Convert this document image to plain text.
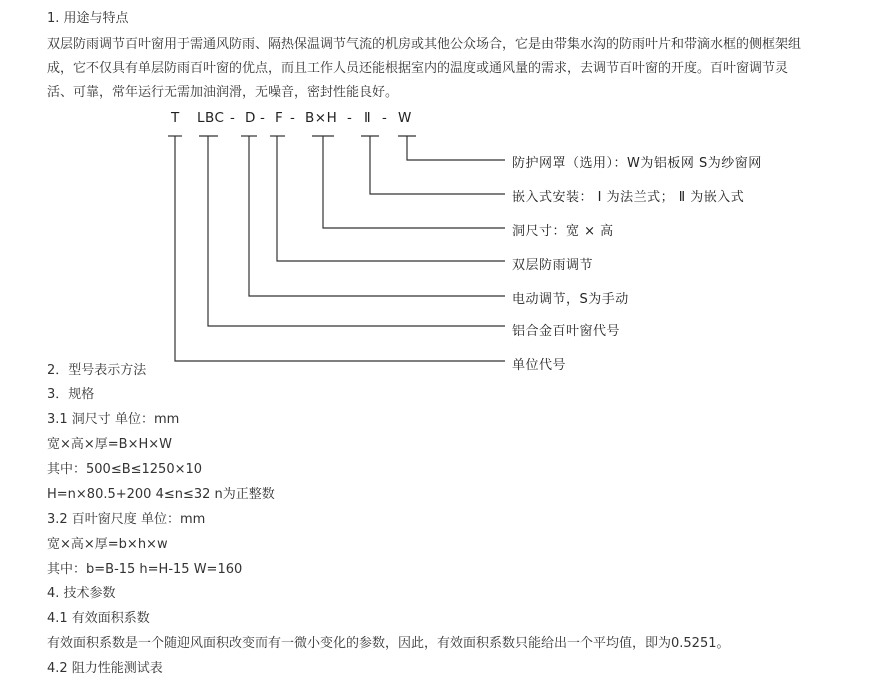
1. 用途与特点
双层防雨调节百叶窗用于需通风防雨、隔热保温调节气流的机房或其他公众场合，它是由带集水沟的防雨叶片和带滴水框的侧框架组
成，它不仅具有单层防雨百叶窗的优点，而且工作人员还能根据室内的温度或通风量的需求，去调节百叶窗的开度。百叶窗调节灵
活、可靠，常年运行无需加油润滑，无噪音，密封性能良好。
T LBC - D - F - B×H - Ⅱ - W
防护网罩（选用）：W为铝板网 S为纱窗网
嵌入式安装： Ⅰ 为法兰式； Ⅱ 为嵌入式
洞尺寸：宽 × 高
双层防雨调节
电动调节，S为手动
铝合金百叶窗代号
单位代号
2．型号表示方法
3．规格
3.1 洞尺寸 单位：mm
宽×高×厚=B×H×W
其中：500≤B≤1250×10
H=n×80.5+200 4≤n≤32 n为正整数
3.2 百叶窗尺度 单位：mm
宽×高×厚=b×h×w
其中：b=B-15 h=H-15 W=160
4. 技术参数
4.1 有效面积系数
有效面积系数是一个随迎风面积改变而有一微小变化的参数，因此，有效面积系数只能给出一个平均值，即为0.5251。
4.2 阻力性能测试表
